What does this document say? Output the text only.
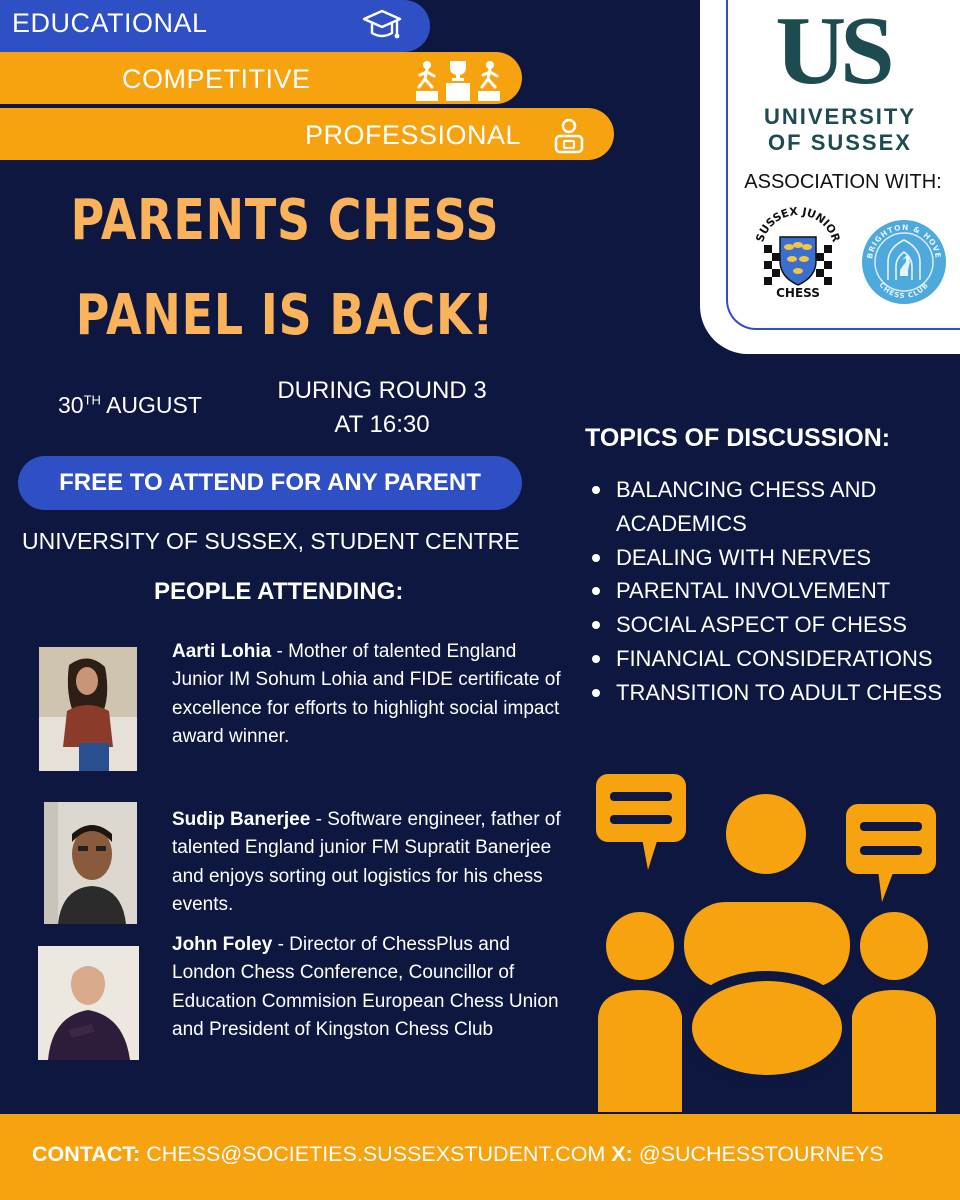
EDUCATIONAL
COMPETITIVE
PROFESSIONAL
US
UNIVERSITY
OF SUSSEX
ASSOCIATION WITH:
SUSSEX JUNIOR
CHESS
BRIGHTON & HOVE
CHESS CLUB
PARENTS CHESS
PANEL IS BACK!
30TH AUGUST
DURING ROUND 3
AT 16:30
FREE TO ATTEND FOR ANY PARENT
UNIVERSITY OF SUSSEX, STUDENT CENTRE
PEOPLE ATTENDING:
Aarti Lohia - Mother of talented England Junior IM Sohum Lohia and FIDE certificate of excellence for efforts to highlight social impact award winner.
Sudip Banerjee - Software engineer, father of talented England junior FM Supratit Banerjee and enjoys sorting out logistics for his chess events.
John Foley - Director of ChessPlus and London Chess Conference, Councillor of Education Commision European Chess Union and President of Kingston Chess Club
TOPICS OF DISCUSSION:
BALANCING CHESS AND ACADEMICS
DEALING WITH NERVES
PARENTAL INVOLVEMENT
SOCIAL ASPECT OF CHESS
FINANCIAL CONSIDERATIONS
TRANSITION TO ADULT CHESS
CONTACT: CHESS@SOCIETIES.SUSSEXSTUDENT.COM X: @SUCHESSTOURNEYS
